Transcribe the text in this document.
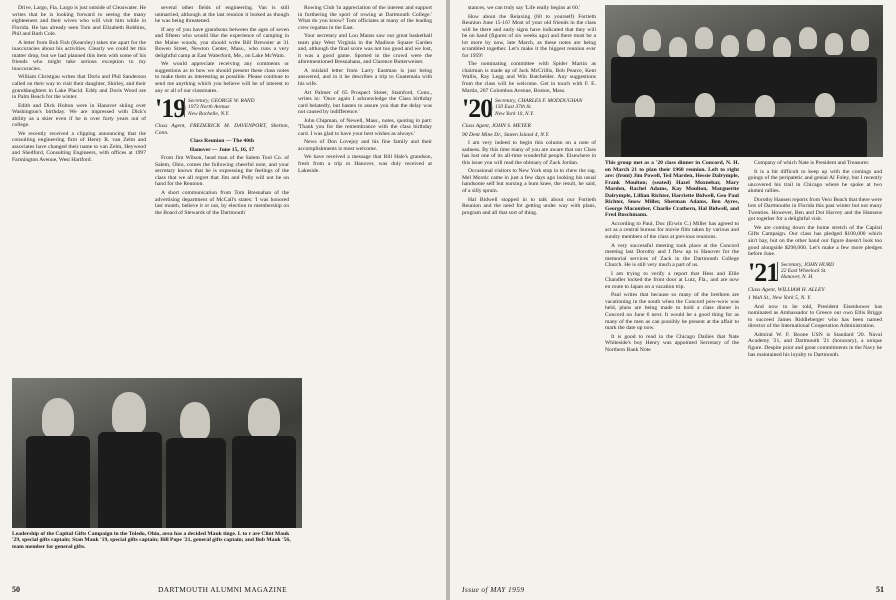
Drive, Largo, Fla. Largo is just outside of Clearwater. He writes that he is looking forward to seeing the many eighteeners and their wives who will visit him while in Florida. He has already seen Tom and Elizabeth Robbins, Phil and Ruth Cole.

A letter from Bob Fish (Kearsley) takes me apart for the inaccuracies about his activities. Clearly we could let this matter drop, but we had planned this item with some of his friends who might take serious exception to my inaccuracies.

William Christgau writes that Doris and Phil Sanderson called on their way to visit their daughter, Shirley, and their granddaughters in Lake Placid. Eddy and Doris Wood are in Palm Beach for the winter.

Edith and Dick Holton were in Hanover skiing over Washington's birthday. We are impressed with Dick's ability as a skier even if he is over forty years out of college.

We recently received a clipping announcing that the consulting engineering firm of Henry R. van Zelm and associates have changed their name to van Zelm, Heywood and Shedford, Consulting Engineers, with offices at 1997 Farmington Avenue, West Hartford.

several other fields of engineering. Van is still unmarried, although at the last reunion it looked as though he was being threatened.

If any of you have grandsons between the ages of seven and fifteen who would like the experience of camping in the Maine woods, you should write Bill Brewster at 31 Bowen Street, Newton Center, Mass., who runs a very delightful camp at East Waterford, Me., on Lake McWain.

We would appreciate receiving any comments or suggestions as to how we should present these class notes to make them as interesting as possible. Please continue to send me anything which you believe will be of interest to any or all of our classmates.

'19 Secretary, GEORGE W. RAND
1973 North Avenue
New Rochelle, N.Y.

Class Agent, FREDERICK M. DAVENPORT, Shelton, Conn.

Class Reunion — The 40th

Hanover — June 15, 16, 17

From Jim Wilson, head man of the Salem Tool Co. of Salem, Ohio, comes the following cheerful note, and your secretary knows that he is expressing the feelings of the class that we all regret that Jim and Polly will not be on hand for the Reunion.

A short communication from Tom Bresnahan of the advertising department of McCall's states: 'I was honored last month, believe it or not, by election to membership on the Board of Stewards of the Dartmouth'

Rowing Club 'in appreciation of the interest and support in furthering the sport of rowing at Dartmouth College.' What do you know? Tom officiates at many of the leading crew regattas in the East.

Your secretary and Lou Manss saw our great basketball team play West Virginia in the Madison Square Garden and, although the final score was not too good and we lost, it was a good game. Spotted in the crowd were the aforementioned Bresnahans, and Clarence Butterweiser.

A mislaid letter from Larry Eastman is just being answered, and in it he describes a trip to Guatemala with his wife.

Art Palmer of 65 Prospect Street, Stamford, Conn., writes in: 'Once again I acknowledge the Class birthday card belatedly, but hasten to assure you that the delay was not caused by indifference.'

John Chipman, of Newell, Mass., notes, quoting in part: 'Thank you for the remembrance with the class birthday card. I was glad to have your best wishes as always.'

News of Don Lovejoy and his fine family and their accomplishments is most welcome.

We have received a message that Bill Hale's grandson, fresh from a trip to Hanover, was duly received at Lakeside.

Leadership of the Capital Gifts Campaign in the Toledo, Ohio, area has a decided Mauk tinge. L to r are Clint Mauk '29, special gifts captain; Stan Mauk '19, special gifts captain; Bill Pope '21, general gifts captain; and Bob Mauk '56, team member for general gifts.
50	DARTMOUTH ALUMNI MAGAZINE

stances, we can truly say 'Life really begins at 60.'

How about the Relaxing (60 to yourself) Fortieth Reunion June 15-16? Most of your old friends in the class will be there and early signs have indicated that they will be on hand (figures of six weeks ago) and there must be a lot more by now, late March, as these notes are being scrambled together. Let's make it the biggest reunion ever for 1959!

The nominating committee with Spider Martin as chairman is made up of Jack McCrillis, Bob Pearce, Kent Wallis, Ray Legg and Win Batchelder. Any suggestions from the class will be welcome. Get in touch with F. E. Martin, 287 Colombus Avenue, Boston, Mass.

'20 Secretary, CHARLES F. MODDUGHAN
150 East 37th St.
New York 10, N.Y.

Class Agent, JOHN S. MEYER

90 Dent Mine Dr., Staten Island 4, N.Y.

I am very indeed to begin this column on a note of sadness. By this time many of you are aware that our Class has lost one of its all-time wonderful people. Elsewhere in this issue you will read the obituary of Zack Jordan.

Occasional visitors to New York stop in to chew the rag. Mel Moxtic came in just a few days ago looking his usual handsome self but nursing a bum knee, the result, he said, of a silly sprain.

Hal Bidwell stopped in to talk about our Fortieth Reunion and the need for getting under way with plans, program and all that sort of thing.

This group met as a '20 class dinner in Concord, N. H. on March 21 to plan their 1960 reunion. Left to right are: (front) Jim Powell, Ted Marden, Hessie Dalrymple, Frank Moulton; (seated) Hazel Moxnebar, Mary Marden, Rachel Adams, Kay Moulton, Marguerite Dalrymple, Lillian Richter, Harriette Bidwell, Geo Paul Richter, Snow Miller, Sherman Adams, Ben Ayres, George Macomber, Charlie Crathern, Hal Bidwell, and Fred Buschmann.

According to Paul, Doc (Erwin C.) Miller has agreed to act as a central bureau for movie film taken by various and sundry members of the class at previous reunions.

A very successful meeting took place at the Concord meeting last Dorothy and I flew up to Hanover for the memorial services of Zack in the Dartmouth College Church. He is still very much a part of us.

I am trying to verify a report that Hess and Ellie Chandler locked the front door at Lutz, Fla., and are now en route to Japan on a vacation trip.

Paul writes that because so many of the brethren are vacationing in the south when the Concord pow-wow was held, plans are being made to hold a class dinner in Concord on June 6 next. It would be a good thing for as many of the men as can possibly be present at the affair to mark the date up now.

It is good to read in the Chicago Dailies that Nate Whiteside's boy Henry was appointed Secretary of the Northern Bank Note

Company of which Nate is President and Treasurer.

It is a bit difficult to keep up with the comings and goings of the peripatetic and genial Al Foley, but I recently uncovered his trail in Chicago where he spoke at two alumni rallies.

Dorothy Hansen reports from Vero Beach that there were lots of Dartmouths in Florida this past winter but not many Twenties. However, Ben and Dot Harvey and the Hansens got together for a delightful visit.

We are coming down the home stretch of the Capital Gifts Campaign. Our class has pledged $100,000 which ain't hay, but on the other hand our figure doesn't look too good alongside $298,000. Let's make a few more pledges before June.

'21 Secretary, JOHN HURD
22 East Wheelock St.
Hanover, N. H.

Class Agent, WILLIAM H. ALLEY

1 Wall St., New York 5, N. Y.

And now to be told, President Eisenhower has nominated as Ambassador to Greece our own Ellis Briggs to succeed James Riddleberger who has been named director of the International Cooperation Administration.

Admiral W. F. Boone USN is Standard '20. Naval Academy '21, and Dartmouth '21 (honorary), a unique figure. Despite prior and great commitments in the Navy he has maintained his loyalty to Dartmouth.

Issue of MAY 1959	51
